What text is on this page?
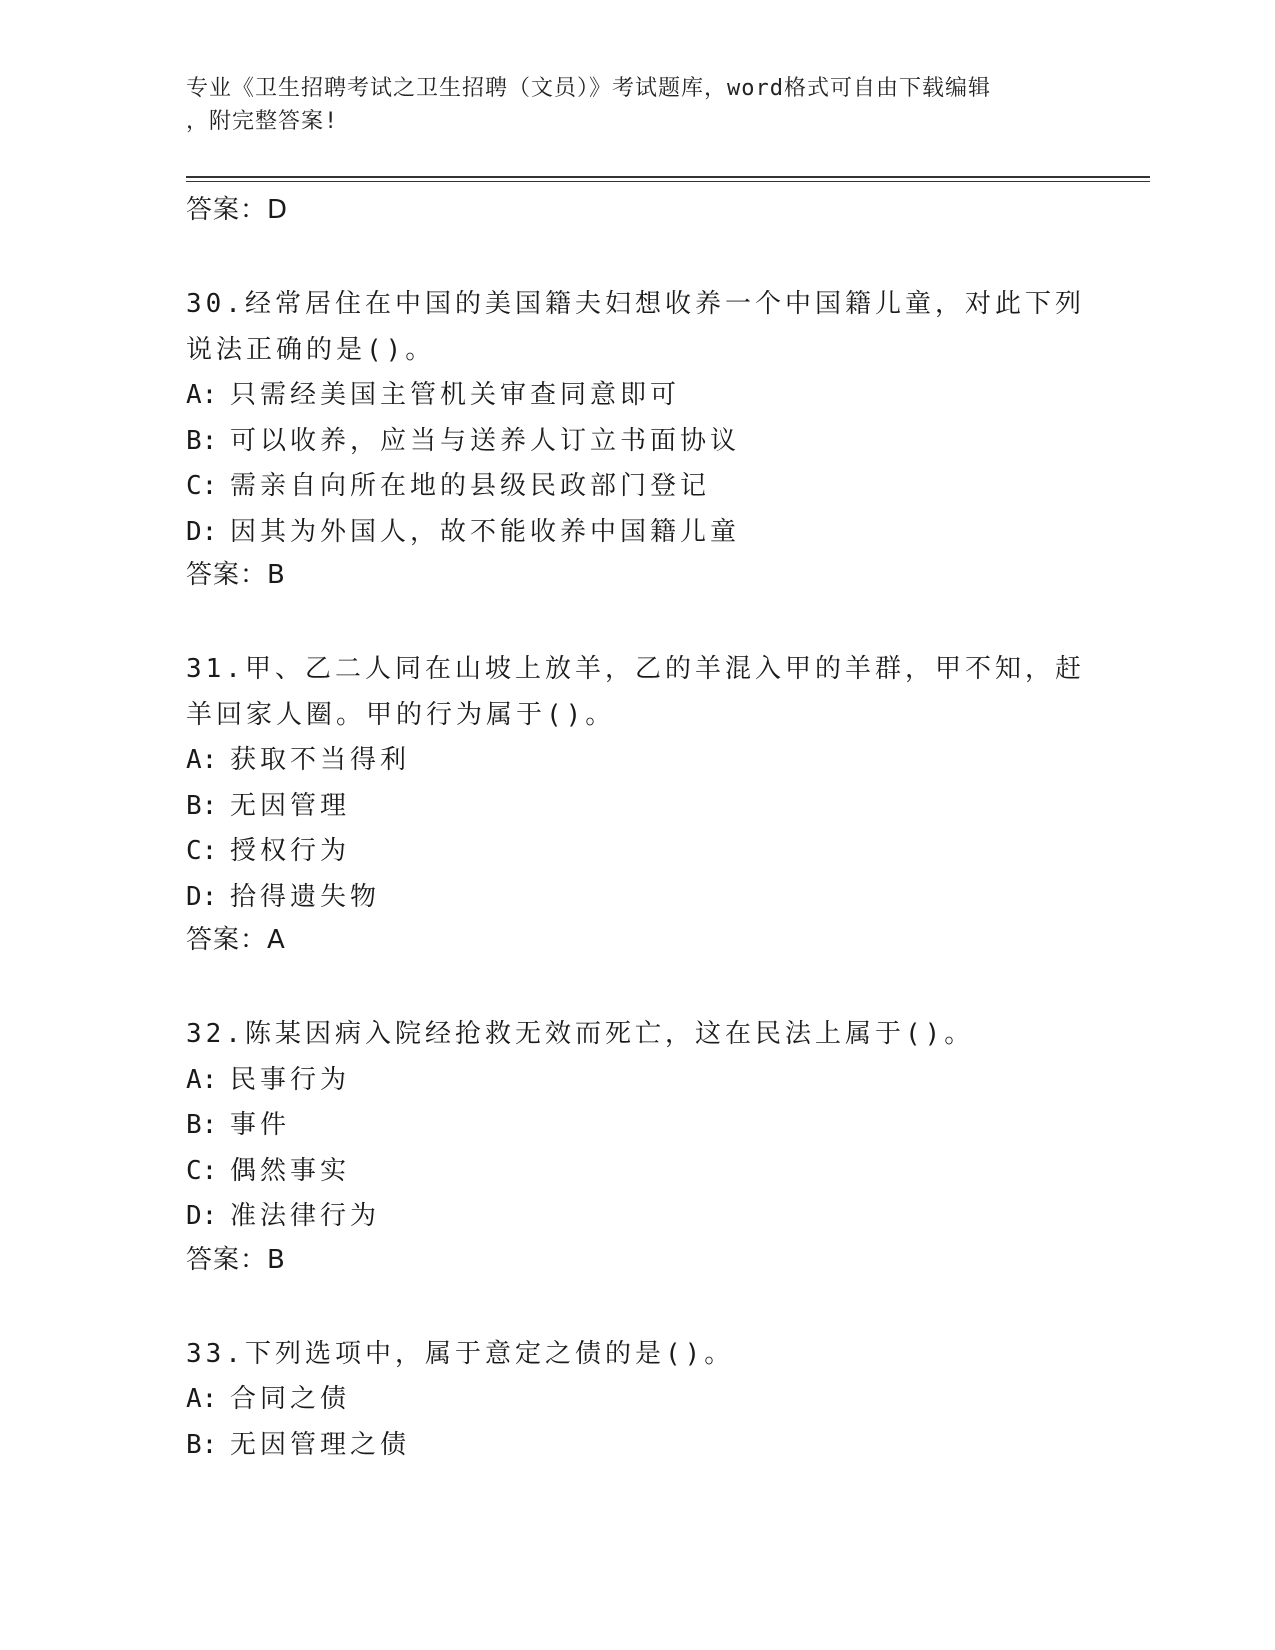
专业《卫生招聘考试之卫生招聘（文员）》考试题库，word格式可自由下载编辑
，附完整答案!
答案：D
30.经常居住在中国的美国籍夫妇想收养一个中国籍儿童，对此下列说法正确的是()。
A: 只需经美国主管机关审查同意即可
B: 可以收养，应当与送养人订立书面协议
C: 需亲自向所在地的县级民政部门登记
D: 因其为外国人，故不能收养中国籍儿童
答案：B
31.甲、乙二人同在山坡上放羊，乙的羊混入甲的羊群，甲不知，赶羊回家人圈。甲的行为属于()。
A: 获取不当得利
B: 无因管理
C: 授权行为
D: 拾得遗失物
答案：A
32.陈某因病入院经抢救无效而死亡，这在民法上属于()。
A: 民事行为
B: 事件
C: 偶然事实
D: 准法律行为
答案：B
33.下列选项中，属于意定之债的是()。
A: 合同之债
B: 无因管理之债
